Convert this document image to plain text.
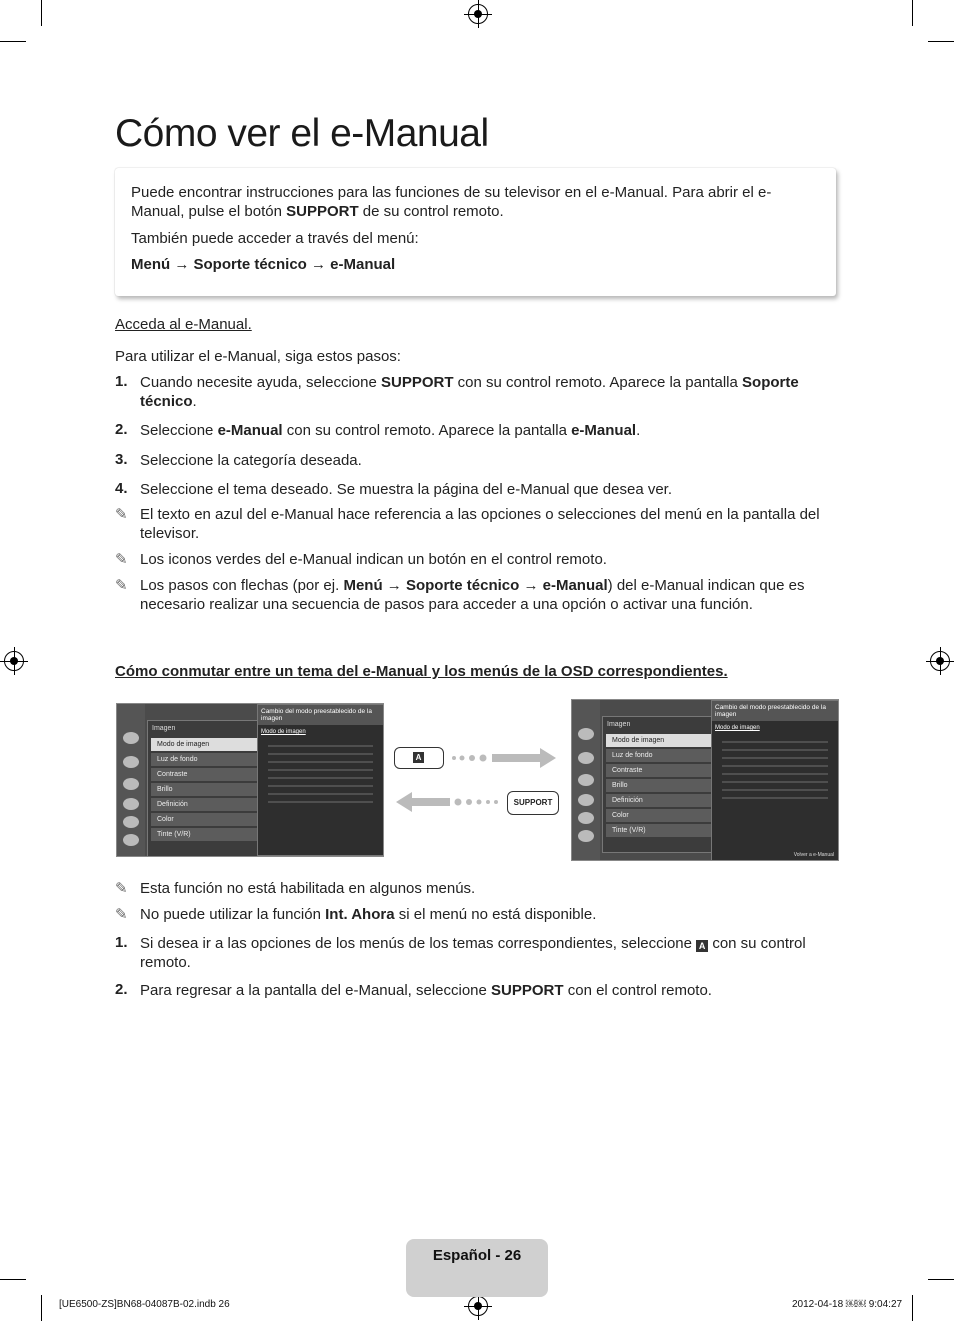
Cómo ver el e-Manual

Puede encontrar instrucciones para las funciones de su televisor en el e-Manual. Para abrir el e-Manual, pulse el botón SUPPORT de su control remoto.

También puede acceder a través del menú:

Menú → Soporte técnico → e-Manual

Acceda al e-Manual.
Para utilizar el e-Manual, siga estos pasos:
1. Cuando necesite ayuda, seleccione SUPPORT con su control remoto. Aparece la pantalla Soporte técnico.
2. Seleccione e-Manual con su control remoto. Aparece la pantalla e-Manual.
3. Seleccione la categoría deseada.
4. Seleccione el tema deseado. Se muestra la página del e-Manual que desea ver.
✎ El texto en azul del e-Manual hace referencia a las opciones o selecciones del menú en la pantalla del televisor.
✎ Los iconos verdes del e-Manual indican un botón en el control remoto.
✎ Los pasos con flechas (por ej. Menú → Soporte técnico → e-Manual) del e-Manual indican que es necesario realizar una secuencia de pasos para acceder a una opción o activar una función.
Cómo conmutar entre un tema del e-Manual y los menús de la OSD correspondientes.
Imagen
Modo de imagen
Luz de fondo
Contraste
Brillo
Definición
Color
Tinte (V/R)
Cambio del modo preestablecido de la imagen
Modo de imagen
A
SUPPORT
Imagen
Modo de imagen
Luz de fondo
Contraste
Brillo
Definición
Color
Tinte (V/R)
Cambio del modo preestablecido de la imagen
Modo de imagen
Volver a e-Manual
✎ Esta función no está habilitada en algunos menús.
✎ No puede utilizar la función Int. Ahora si el menú no está disponible.
1. Si desea ir a las opciones de los menús de los temas correspondientes, seleccione A con su control remoto.
2. Para regresar a la pantalla del e-Manual, seleccione SUPPORT con el control remoto.
Español - 26
[UE6500-ZS]BN68-04087B-02.indb 26	2012-04-18 ￼￼ 9:04:27
